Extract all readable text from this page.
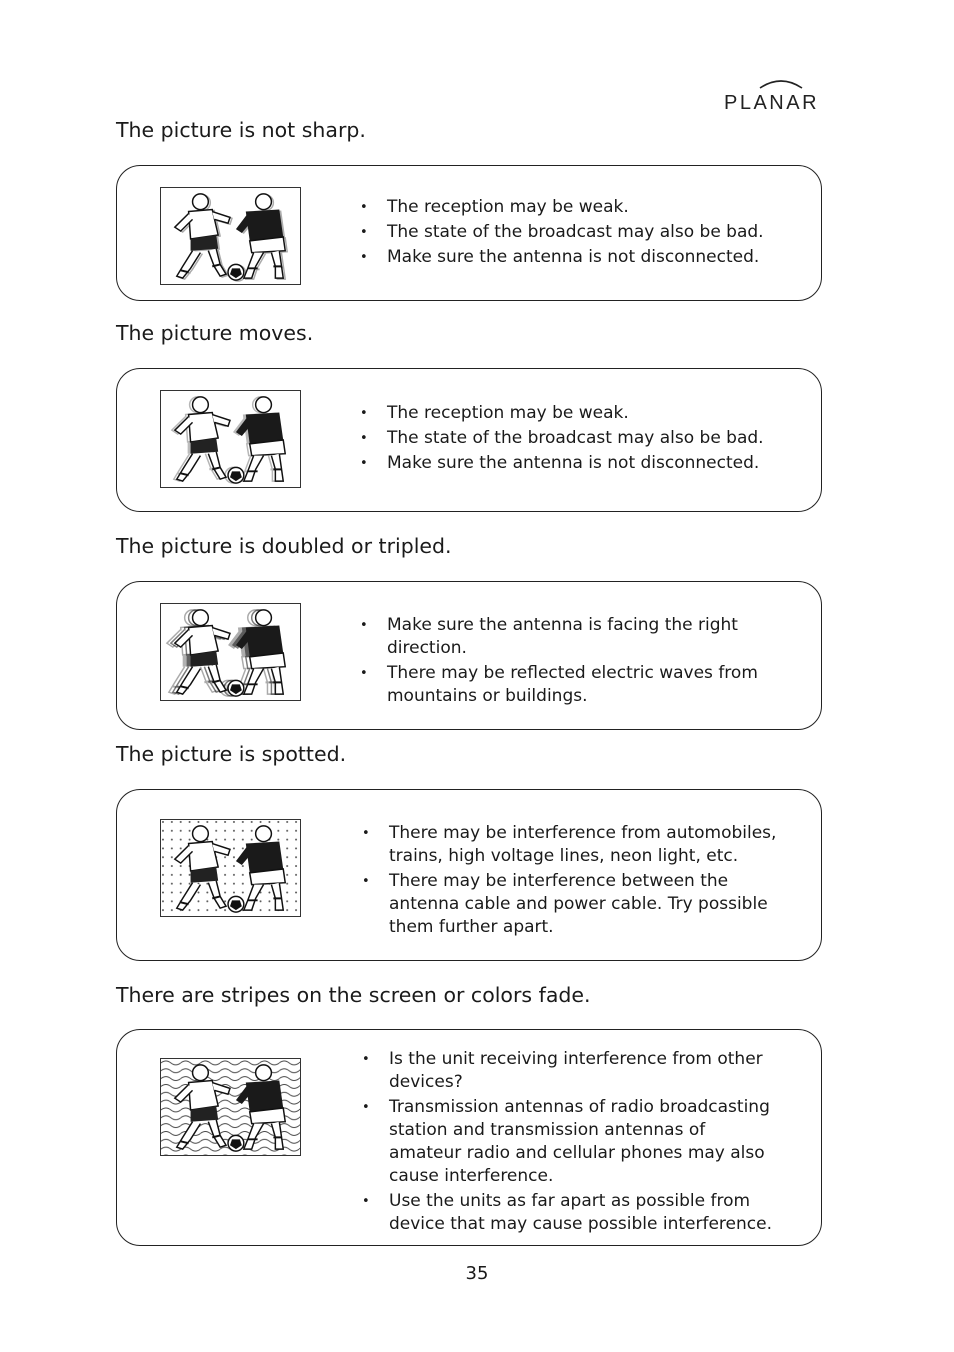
PLANAR
The picture is not sharp.
• The reception may be weak.
• The state of the broadcast may also be bad.
• Make sure the antenna is not disconnected.
The picture moves.
• The reception may be weak.
• The state of the broadcast may also be bad.
• Make sure the antenna is not disconnected.
The picture is doubled or tripled.
• Make sure the antenna is facing the right direction.
• There may be reflected electric waves from mountains or buildings.
The picture is spotted.
• There may be interference from automobiles, trains, high voltage lines, neon light, etc.
• There may be interference between the antenna cable and power cable. Try possible them further apart.
There are stripes on the screen or colors fade.
• Is the unit receiving interference from other devices?
• Transmission antennas of radio broadcasting station and transmission antennas of amateur radio and cellular phones may also cause interference.
• Use the units as far apart as possible from device that may cause possible interference.
35
